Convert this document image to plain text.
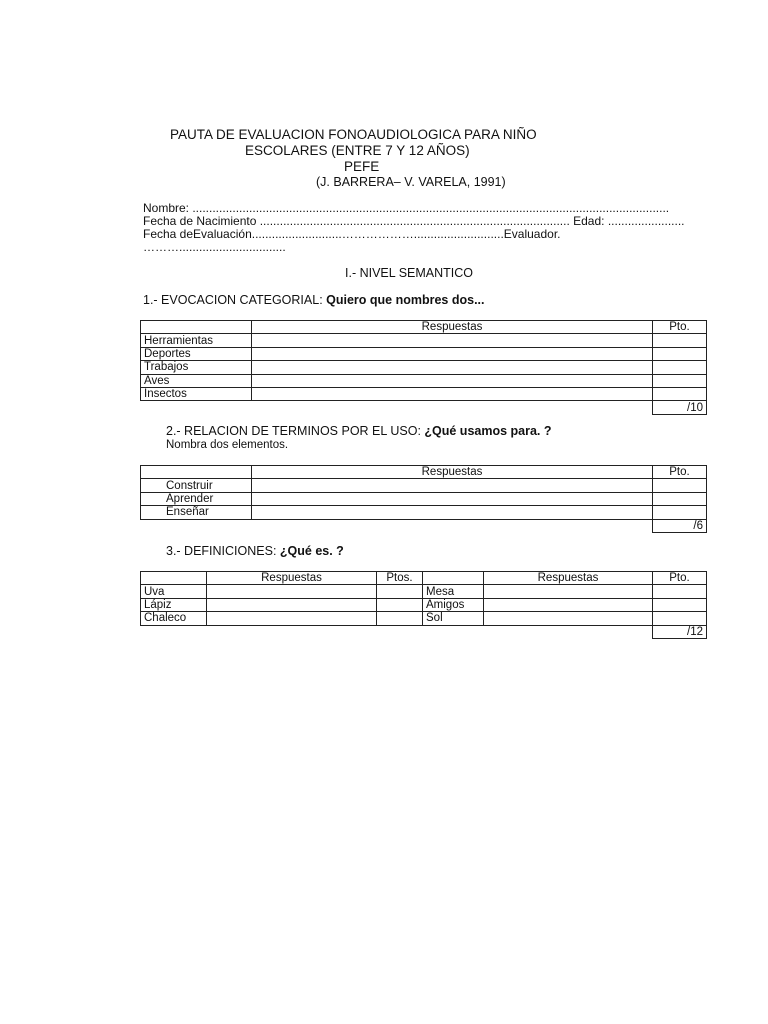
PAUTA DE EVALUACION FONOAUDIOLOGICA PARA NIÑO
ESCOLARES (ENTRE 7 Y 12 AÑOS)
PEFE
(J. BARRERA– V. VARELA, 1991)
Nombre: ...............................................................................................................................................
Fecha de Nacimiento ............................................................................................. Edad: .......................
Fecha deEvaluación...........................………………...........................Evaluador.
………................................
I.- NIVEL SEMANTICO
1.- EVOCACION CATEGORIAL: Quiero que nombres dos...
	Respuestas	Pto.
Herramientas		
Deportes		
Trabajos		
Aves		
Insectos		
		/10
2.- RELACION DE TERMINOS POR EL USO: ¿Qué usamos para. ?
Nombra dos elementos.
	Respuestas	Pto.
Construir		
Aprender		
Enseñar		
		/6
3.- DEFINICIONES: ¿Qué es. ?
	Respuestas	Ptos.		Respuestas	Pto.
Uva			Mesa		
Lápiz			Amigos		
Chaleco			Sol		
					/12
